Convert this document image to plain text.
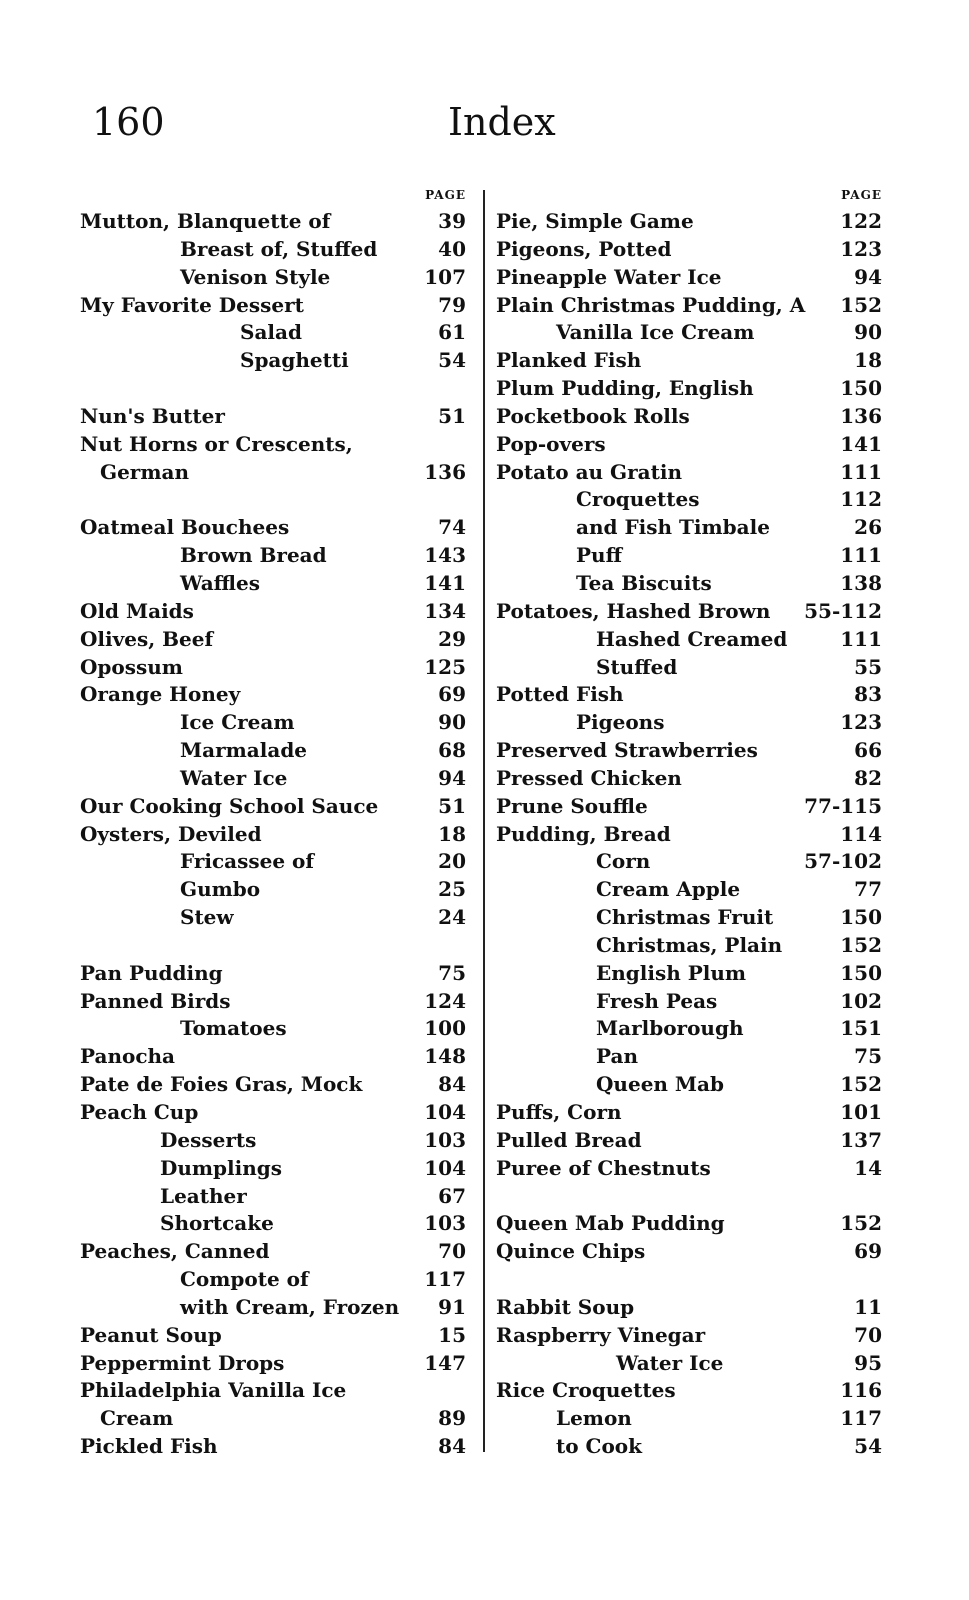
160	Index
PAGE
Mutton, Blanquette of	39
Breast of, Stuffed	40
Venison Style	107
My Favorite Dessert	79
Salad	61
Spaghetti	54
Nun's Butter	51
Nut Horns or Crescents,
German	136
Oatmeal Bouchees	74
Brown Bread	143
Waffles	141
Old Maids	134
Olives, Beef	29
Opossum	125
Orange Honey	69
Ice Cream	90
Marmalade	68
Water Ice	94
Our Cooking School Sauce	51
Oysters, Deviled	18
Fricassee of	20
Gumbo	25
Stew	24
Pan Pudding	75
Panned Birds	124
Tomatoes	100
Panocha	148
Pate de Foies Gras, Mock	84
Peach Cup	104
Desserts	103
Dumplings	104
Leather	67
Shortcake	103
Peaches, Canned	70
Compote of	117
with Cream, Frozen 91
Peanut Soup	15
Peppermint Drops	147
Philadelphia Vanilla Ice
Cream	89
Pickled Fish	84
PAGE
Pie, Simple Game	122
Pigeons, Potted	123
Pineapple Water Ice	94
Plain Christmas Pudding, A 152
Vanilla Ice Cream	90
Planked Fish	18
Plum Pudding, English	150
Pocketbook Rolls	136
Pop-overs	141
Potato au Gratin	111
Croquettes	112
and Fish Timbale	26
Puff	111
Tea Biscuits	138
Potatoes, Hashed Brown 55-112
Hashed Creamed	111
Stuffed	55
Potted Fish	83
Pigeons	123
Preserved Strawberries	66
Pressed Chicken	82
Prune Souffle	77-115
Pudding, Bread	114
Corn	57-102
Cream Apple	77
Christmas Fruit	150
Christmas, Plain	152
English Plum	150
Fresh Peas	102
Marlborough	151
Pan	75
Queen Mab	152
Puffs, Corn	101
Pulled Bread	137
Puree of Chestnuts	14
Queen Mab Pudding	152
Quince Chips	69
Rabbit Soup	11
Raspberry Vinegar	70
Water Ice	95
Rice Croquettes	116
Lemon	117
to Cook	54
